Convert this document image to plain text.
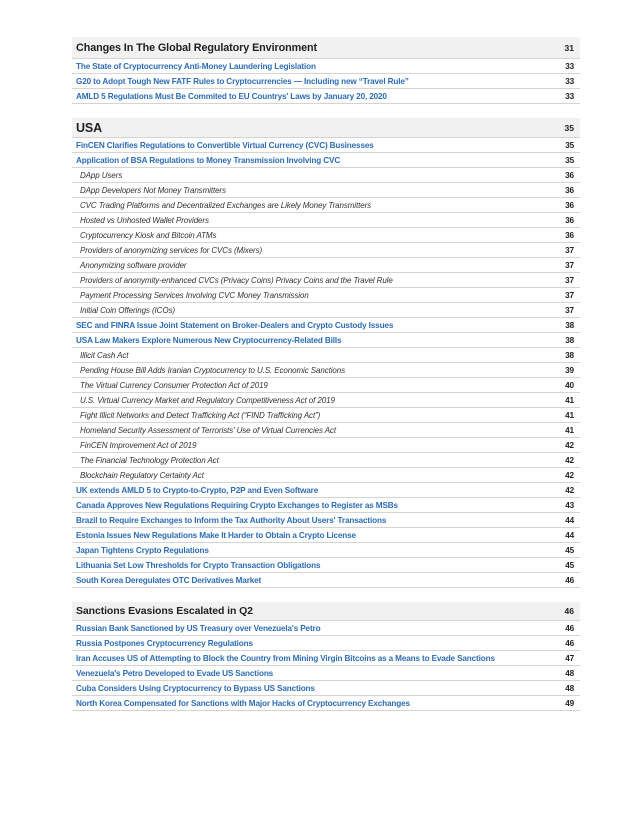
Changes In The Global Regulatory Environment	31
The State of Cryptocurrency Anti-Money Laundering Legislation	33
G20 to Adopt Tough New FATF Rules to Cryptocurrencies — Including new “Travel Rule”	33
AMLD 5 Regulations Must Be Commited to EU Countrys' Laws by January 20, 2020	33
USA	35
FinCEN Clarifies Regulations to Convertible Virtual Currency (CVC) Businesses	35
Application of BSA Regulations to Money Transmission Involving CVC	35
DApp Users	36
DApp Developers Not Money Transmitters	36
CVC Trading Platforms and Decentralized Exchanges are Likely Money Transmitters	36
Hosted vs Unhosted Wallet Providers	36
Cryptocurrency Kiosk and Bitcoin ATMs	36
Providers of anonymizing services for CVCs (Mixers)	37
Anonymizing software provider	37
Providers of anonymity-enhanced CVCs (Privacy Coins) Privacy Coins and the Travel Rule	37
Payment Processing Services Involving CVC Money Transmission	37
Initial Coin Offerings (ICOs)	37
SEC and FINRA Issue Joint Statement on Broker-Dealers and Crypto Custody Issues	38
USA Law Makers Explore Numerous New Cryptocurrency-Related Bills	38
Illicit Cash Act	38
Pending House Bill Adds Iranian Cryptocurrency to U.S. Economic Sanctions	39
The Virtual Currency Consumer Protection Act of 2019	40
U.S. Virtual Currency Market and Regulatory Competitiveness Act of 2019	41
Fight Illicit Networks and Detect Trafficking Act (“FIND Trafficking Act”)	41
Homeland Security Assessment of Terrorists' Use of Virtual Currencies Act	41
FinCEN Improvement Act of 2019	42
The Financial Technology Protection Act	42
Blockchain Regulatory Certainty Act	42
UK extends AMLD 5 to Crypto-to-Crypto, P2P and Even Software	42
Canada Approves New Regulations Requiring Crypto Exchanges to Register as MSBs	43
Brazil to Require Exchanges to Inform the Tax Authority About Users' Transactions	44
Estonia Issues New Regulations Make It Harder to Obtain a Crypto License	44
Japan Tightens Crypto Regulations	45
Lithuania Set Low Thresholds for Crypto Transaction Obligations	45
South Korea Deregulates OTC Derivatives Market	46
Sanctions Evasions Escalated in Q2	46
Russian Bank Sanctioned by US Treasury over Venezuela's Petro	46
Russia Postpones Cryptocurrency Regulations	46
Iran Accuses US of Attempting to Block the Country from Mining Virgin Bitcoins as a Means to Evade Sanctions	47
Venezuela's Petro Developed to Evade US Sanctions	48
Cuba Considers Using Cryptocurrency to Bypass US Sanctions	48
North Korea Compensated for Sanctions with Major Hacks of Cryptocurrency Exchanges	49
